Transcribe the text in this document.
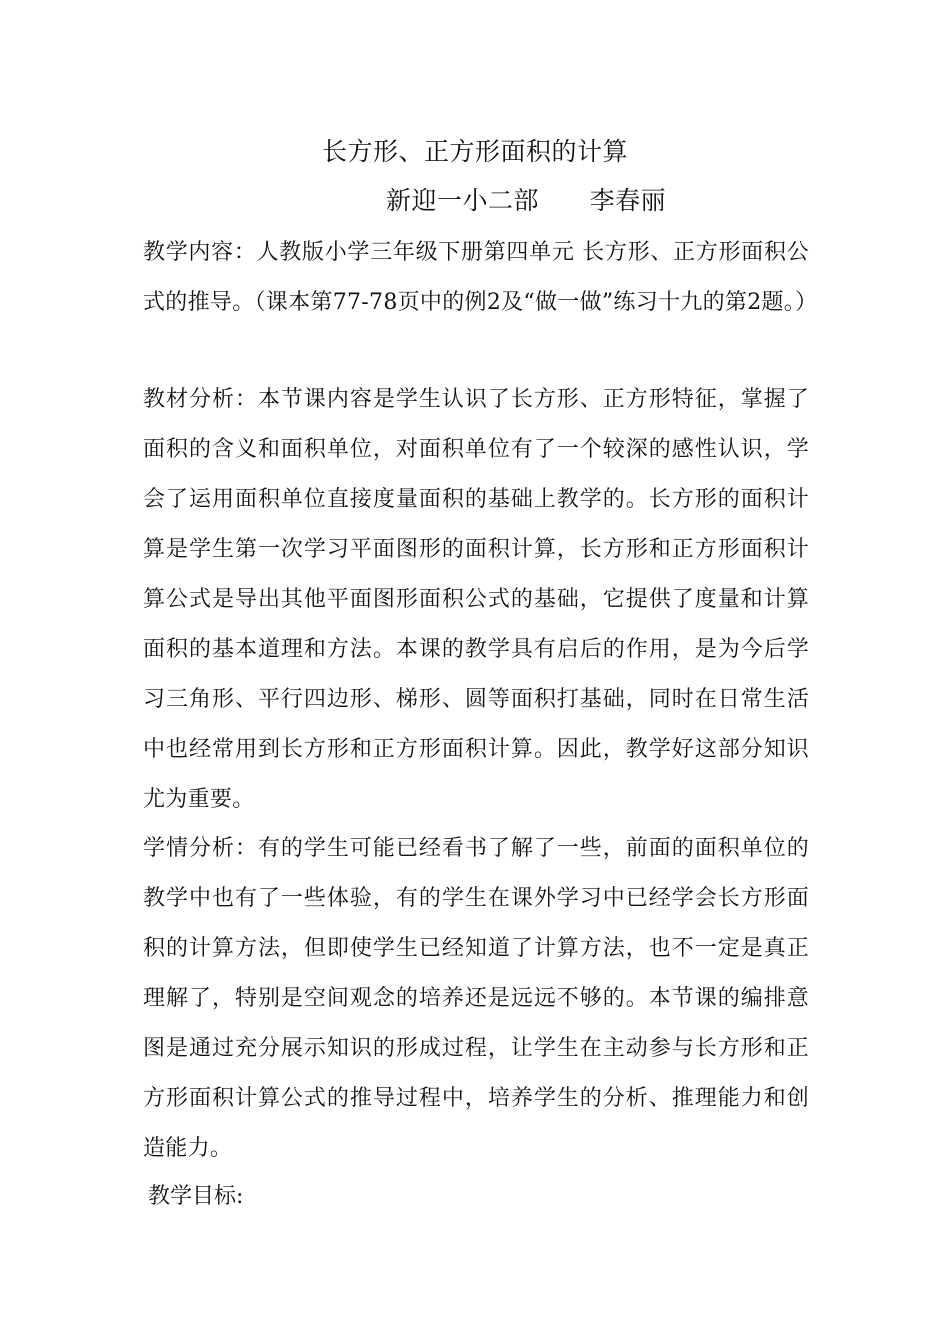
长方形、正方形面积的计算
新迎一小二部      李春丽
教学内容：人教版小学三年级下册第四单元 长方形、正方形面积公式的推导。（课本第77-78页中的例2及“做一做”练习十九的第2题。）
教材分析：本节课内容是学生认识了长方形、正方形特征，掌握了面积的含义和面积单位，对面积单位有了一个较深的感性认识，学会了运用面积单位直接度量面积的基础上教学的。长方形的面积计算是学生第一次学习平面图形的面积计算，长方形和正方形面积计算公式是导出其他平面图形面积公式的基础，它提供了度量和计算面积的基本道理和方法。本课的教学具有启后的作用，是为今后学习三角形、平行四边形、梯形、圆等面积打基础，同时在日常生活中也经常用到长方形和正方形面积计算。因此，教学好这部分知识尤为重要。
学情分析：有的学生可能已经看书了解了一些，前面的面积单位的教学中也有了一些体验，有的学生在课外学习中已经学会长方形面积的计算方法，但即使学生已经知道了计算方法，也不一定是真正理解了，特别是空间观念的培养还是远远不够的。本节课的编排意图是通过充分展示知识的形成过程，让学生在主动参与长方形和正方形面积计算公式的推导过程中，培养学生的分析、推理能力和创造能力。
教学目标:
